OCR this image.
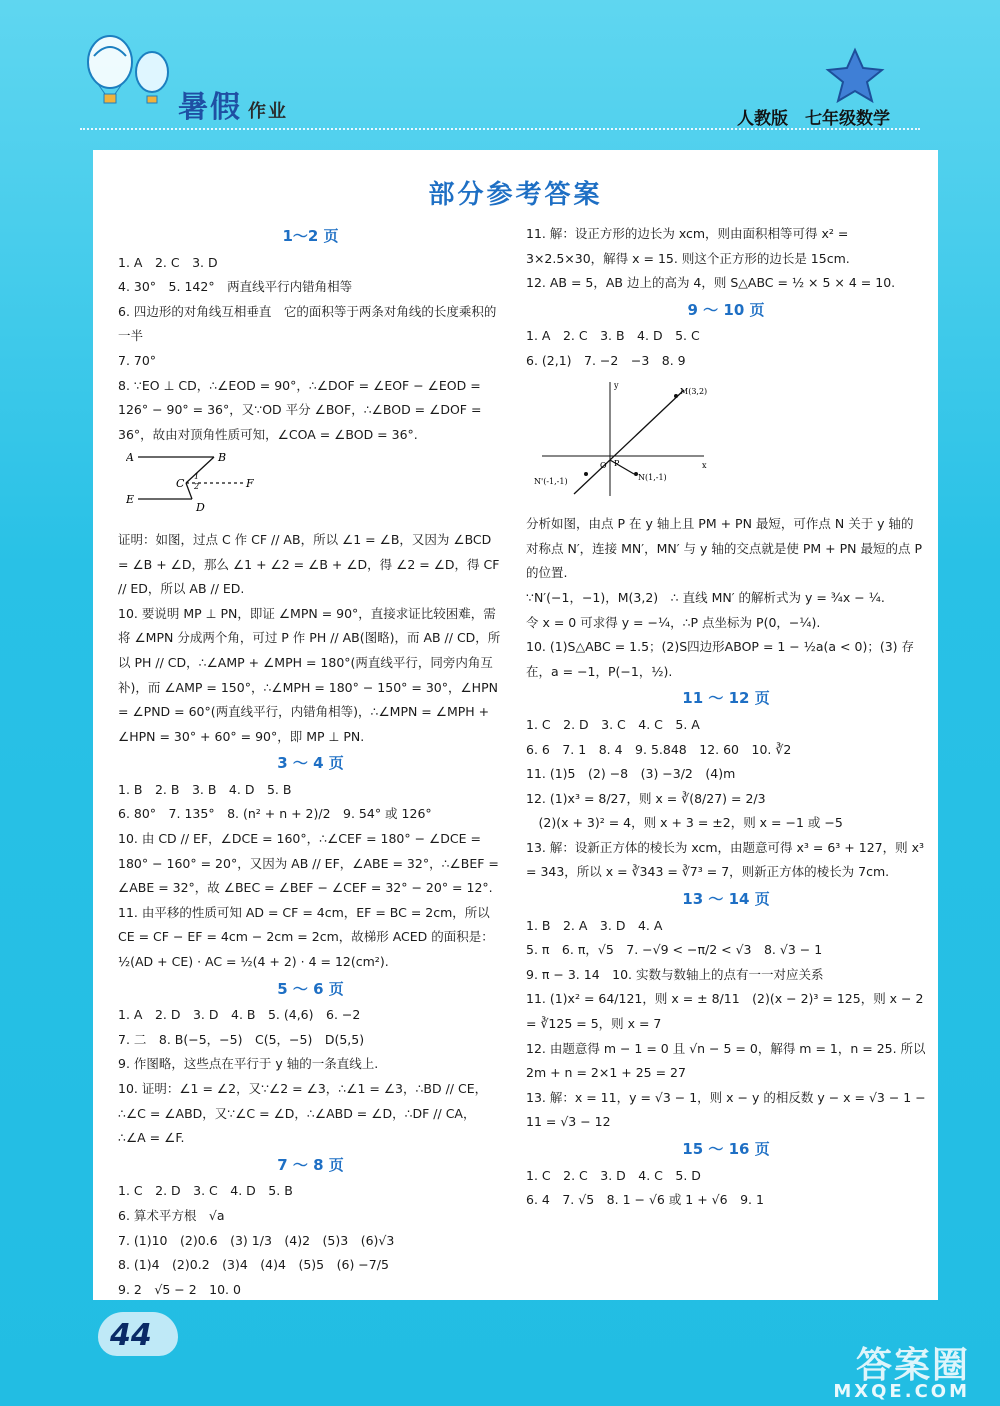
暑假 作业	人教版　七年级数学
部分参考答案
1～2 页
1. A　2. C　3. D
4. 30°　5. 142°　两直线平行内错角相等
6. 四边形的对角线互相垂直　它的面积等于两条对角线的长度乘积的一半
7. 70°
8. ∵EO ⊥ CD，∴∠EOD = 90°，∴∠DOF = ∠EOF − ∠EOD = 126° − 90° = 36°，又∵OD 平分 ∠BOF，∴∠BOD = ∠DOF = 36°，故由对顶角性质可知，∠COA = ∠BOD = 36°.
A	B
C	F
E
D
1
2
证明：如图，过点 C 作 CF // AB，所以 ∠1 = ∠B，又因为 ∠BCD = ∠B + ∠D，那么 ∠1 + ∠2 = ∠B + ∠D，得 ∠2 = ∠D，得 CF // ED，所以 AB // ED.
10. 要说明 MP ⊥ PN，即证 ∠MPN = 90°，直接求证比较困难，需将 ∠MPN 分成两个角，可过 P 作 PH // AB(图略)，而 AB // CD，所以 PH // CD，∴∠AMP + ∠MPH = 180°(两直线平行，同旁内角互补)，而 ∠AMP = 150°，∴∠MPH = 180° − 150° = 30°，∠HPN = ∠PND = 60°(两直线平行，内错角相等)，∴∠MPN = ∠MPH + ∠HPN = 30° + 60° = 90°，即 MP ⊥ PN.
3 ～ 4 页
1. B　2. B　3. B　4. D　5. B
6. 80°　7. 135°　8. (n² + n + 2)/2　9. 54° 或 126°
10. 由 CD // EF，∠DCE = 160°，∴∠CEF = 180° − ∠DCE = 180° − 160° = 20°，又因为 AB // EF，∠ABE = 32°，∴∠BEF = ∠ABE = 32°，故 ∠BEC = ∠BEF − ∠CEF = 32° − 20° = 12°.
11. 由平移的性质可知 AD = CF = 4cm，EF = BC = 2cm，所以 CE = CF − EF = 4cm − 2cm = 2cm，故梯形 ACED 的面积是：½(AD + CE) · AC = ½(4 + 2) · 4 = 12(cm²).
5 ～ 6 页
1. A　2. D　3. D　4. B　5. (4,6)　6. −2
7. 二　8. B(−5，−5)　C(5，−5)　D(5,5)
9. 作图略，这些点在平行于 y 轴的一条直线上.
10. 证明：∠1 = ∠2，又∵∠2 = ∠3，∴∠1 = ∠3，∴BD // CE，∴∠C = ∠ABD，又∵∠C = ∠D，∴∠ABD = ∠D，∴DF // CA，∴∠A = ∠F.
7 ～ 8 页
1. C　2. D　3. C　4. D　5. B
6. 算术平方根　√a
7. (1)10　(2)0.6　(3) 1/3　(4)2　(5)3　(6)√3
8. (1)4　(2)0.2　(3)4　(4)4　(5)5　(6) −7/5
9. 2　√5 − 2　10. 0
11. 解：设正方形的边长为 xcm，则由面积相等可得 x² = 3×2.5×30，解得 x = 15. 则这个正方形的边长是 15cm.
12. AB = 5，AB 边上的高为 4，则 S△ABC = ½ × 5 × 4 = 10.
9 ～ 10 页
1. A　2. C　3. B　4. D　5. C
6. (2,1)　7. −2　−3　8. 9
y
x
M(3,2)
O P
N(1,-1)
N'(-1,-1)
分析如图，由点 P 在 y 轴上且 PM + PN 最短，可作点 N 关于 y 轴的对称点 N′，连接 MN′，MN′ 与 y 轴的交点就是使 PM + PN 最短的点 P 的位置.
∵N′(−1，−1)，M(3,2)　∴ 直线 MN′ 的解析式为 y = ¾x − ¼.
令 x = 0 可求得 y = −¼，∴P 点坐标为 P(0，−¼).
10. (1)S△ABC = 1.5；(2)S四边形ABOP = 1 − ½a(a < 0)；(3) 存在，a = −1，P(−1，½).
11 ～ 12 页
1. C　2. D　3. C　4. C　5. A
6. 6　7. 1　8. 4　9. 5.848　12. 60　10. ∛2
11. (1)5　(2) −8　(3) −3/2　(4)m
12. (1)x³ = 8/27，则 x = ∛(8/27) = 2/3
　(2)(x + 3)² = 4，则 x + 3 = ±2，则 x = −1 或 −5
13. 解：设新正方体的棱长为 xcm，由题意可得 x³ = 6³ + 127，则 x³ = 343，所以 x = ∛343 = ∛7³ = 7，则新正方体的棱长为 7cm.
13 ～ 14 页
1. B　2. A　3. D　4. A
5. π　6. π，√5　7. −√9 < −π/2 < √3　8. √3 − 1
9. π − 3. 14　10. 实数与数轴上的点有一一对应关系
11. (1)x² = 64/121，则 x = ± 8/11　(2)(x − 2)³ = 125，则 x − 2 = ∛125 = 5，则 x = 7
12. 由题意得 m − 1 = 0 且 √n − 5 = 0，解得 m = 1，n = 25. 所以 2m + n = 2×1 + 25 = 27
13. 解：x = 11，y = √3 − 1，则 x − y 的相反数 y − x = √3 − 1 − 11 = √3 − 12
15 ～ 16 页
1. C　2. C　3. D　4. C　5. D
6. 4　7. √5　8. 1 − √6 或 1 + √6　9. 1
44
答案圈
MXQE.COM
